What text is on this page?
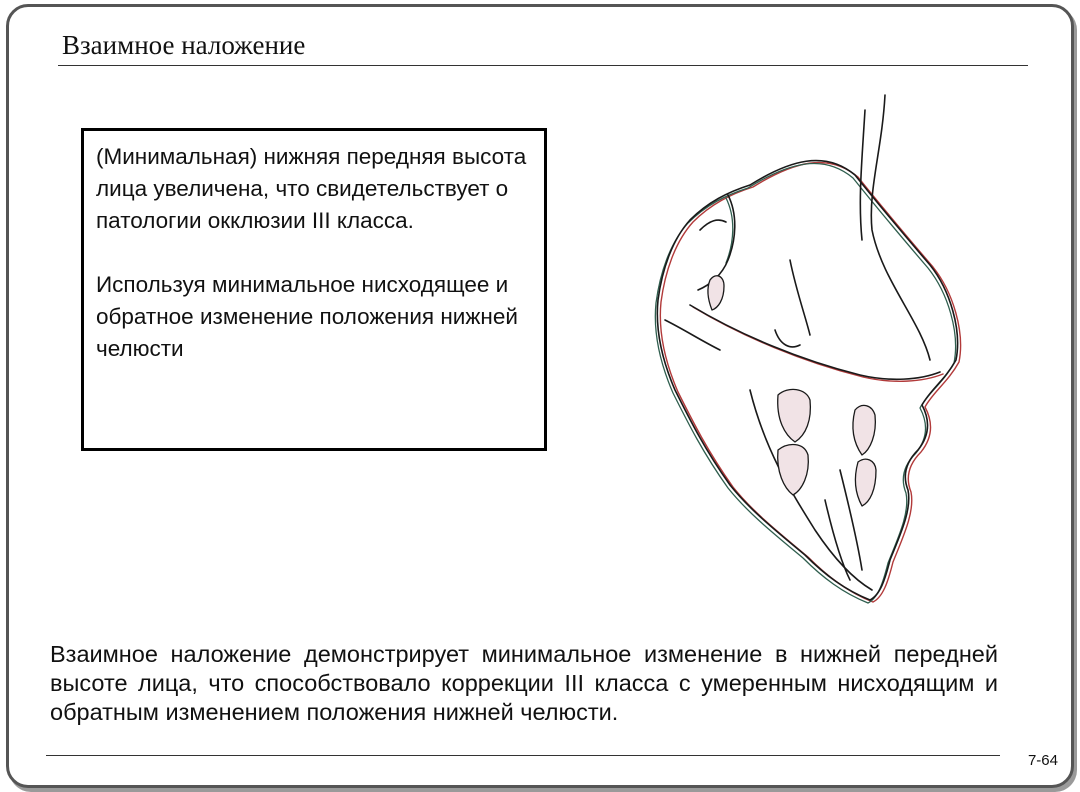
Взаимное наложение

(Минимальная) нижняя передняя высота лица увеличена, что свидетельствует о патологии окклюзии III класса.

Используя минимальное нисходящее и обратное изменение положения нижней челюсти

Взаимное наложение демонстрирует минимальное изменение в нижней передней высоте лица, что способствовало коррекции III класса с умеренным нисходящим и обратным изменением положения нижней челюсти.

7-64
